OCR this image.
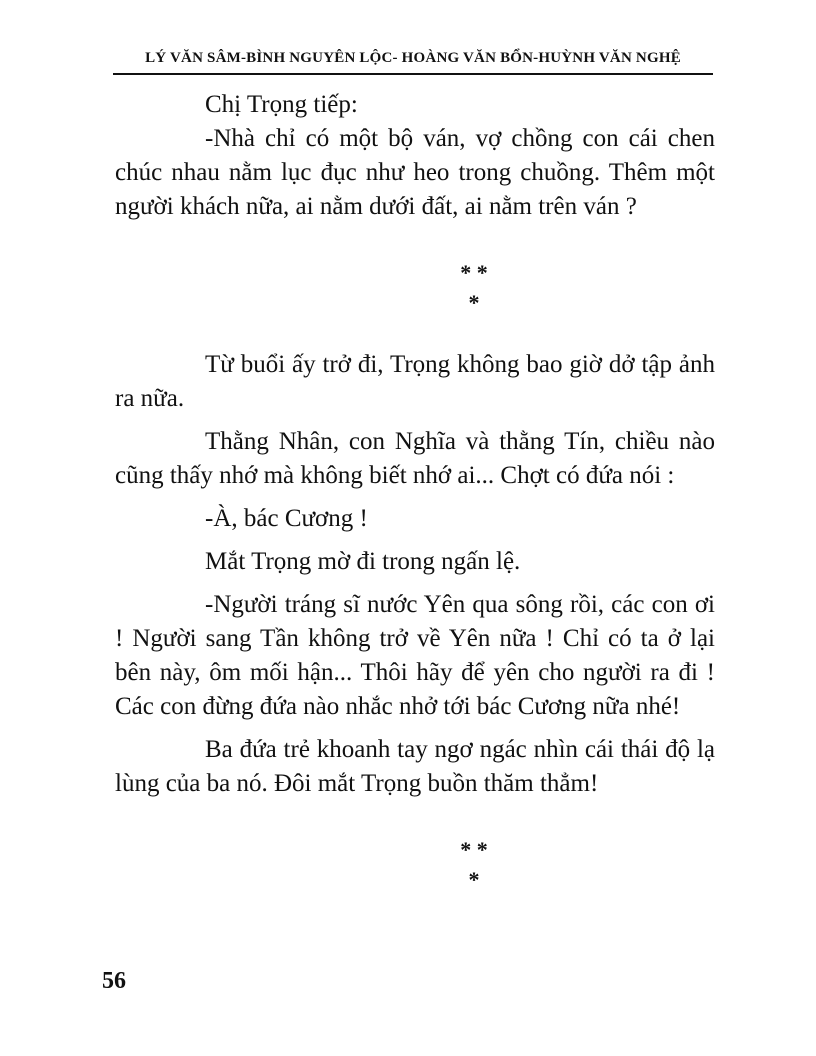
LÝ VĂN SÂM-BÌNH NGUYÊN LỘC- HOÀNG VĂN BỔN-HUỲNH VĂN NGHỆ

Chị Trọng tiếp:

-Nhà chỉ có một bộ ván, vợ chồng con cái chen chúc nhau nằm lục đục như heo trong chuồng. Thêm một người khách nữa, ai nằm dưới đất, ai nằm trên ván ?

* *
*

Từ buổi ấy trở đi, Trọng không bao giờ dở tập ảnh ra nữa.

Thằng Nhân, con Nghĩa và thằng Tín, chiều nào cũng thấy nhớ mà không biết nhớ ai... Chợt có đứa nói :

-À, bác Cương !

Mắt Trọng mờ đi trong ngấn lệ.

-Người tráng sĩ nước Yên qua sông rồi, các con ơi ! Người sang Tần không trở về Yên nữa ! Chỉ có ta ở lại bên này, ôm mối hận... Thôi hãy để yên cho người ra đi ! Các con đừng đứa nào nhắc nhở tới bác Cương nữa nhé!

Ba đứa trẻ khoanh tay ngơ ngác nhìn cái thái độ lạ lùng của ba nó. Đôi mắt Trọng buồn thăm thẳm!

* *
*
56
